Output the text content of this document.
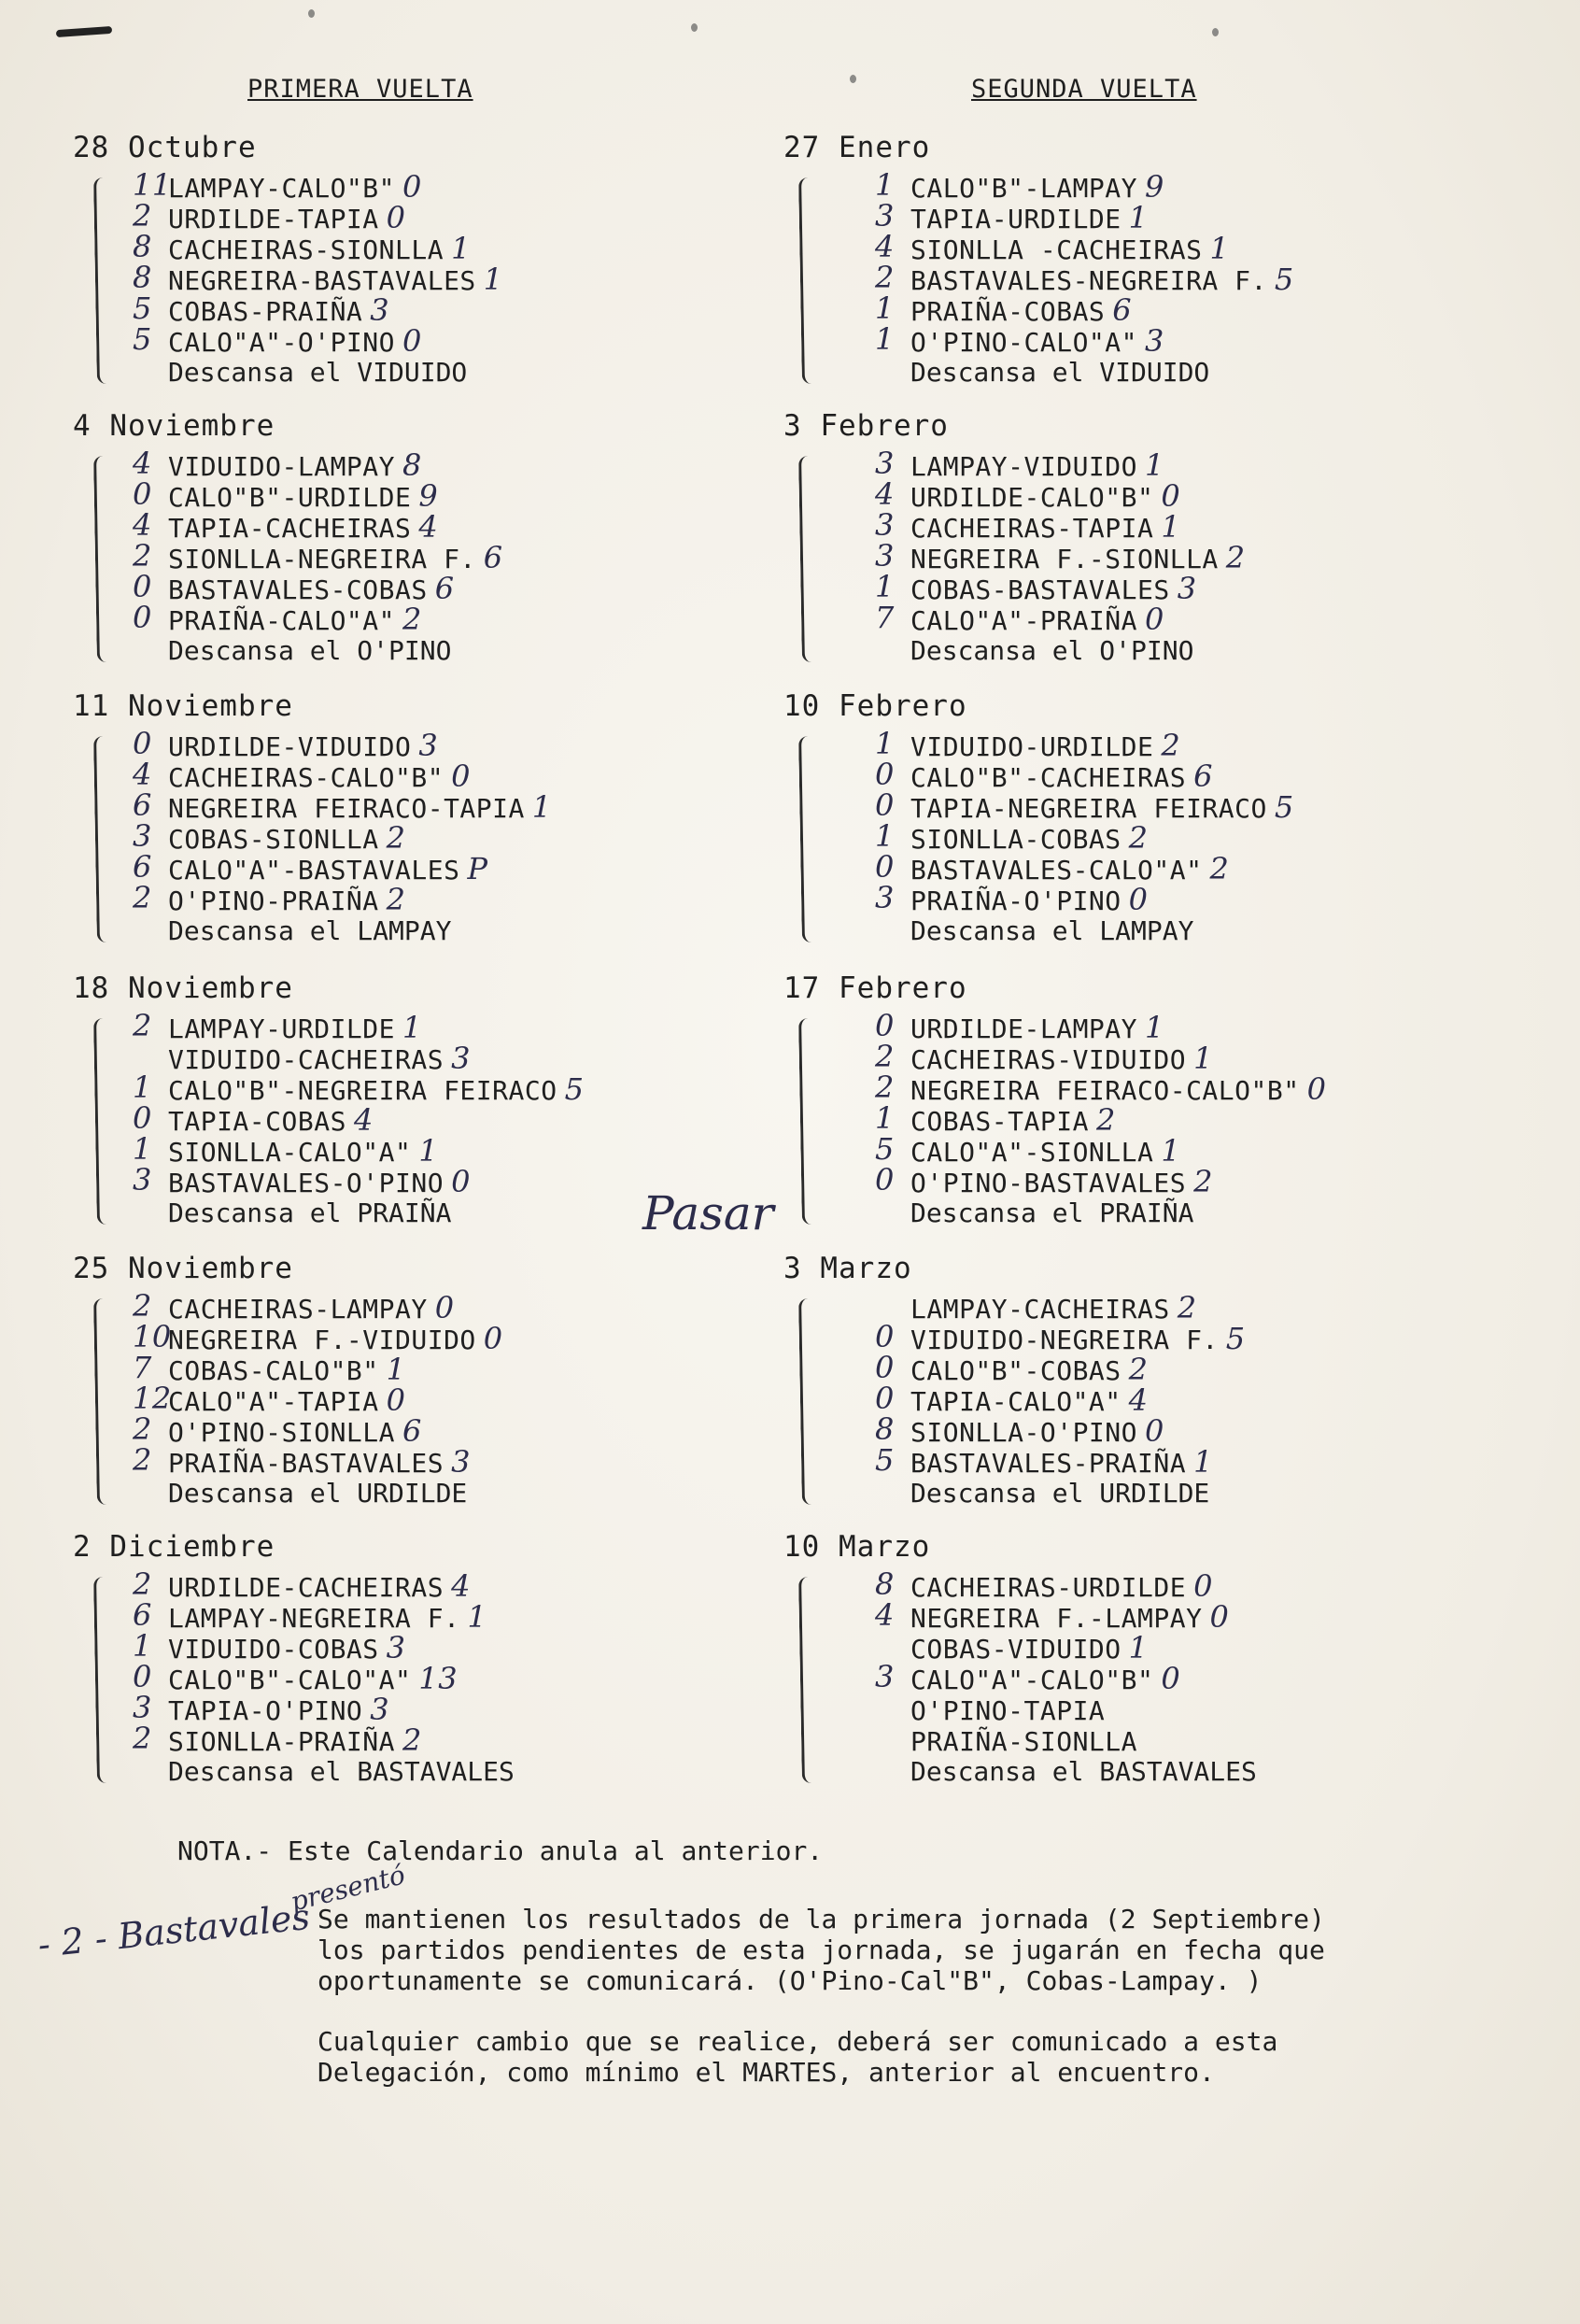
PRIMERA VUELTA
28 Octubre
11
LAMPAY-CALO"B" 0
2 URDILDE-TAPIA 0
8 CACHEIRAS-SIONLLA 1
8 NEGREIRA-BASTAVALES 1
5 COBAS-PRAIÑA 3
5 CALO"A"-O'PINO 0
Descansa el VIDUIDO
4 Noviembre
4 VIDUIDO-LAMPAY 8
0 CALO"B"-URDILDE 9
4 TAPIA-CACHEIRAS 4
2 SIONLLA-NEGREIRA F. 6
0 BASTAVALES-COBAS 6
0 PRAIÑA-CALO"A" 2
Descansa el O'PINO
11 Noviembre
0 URDILDE-VIDUIDO 3
4 CACHEIRAS-CALO"B" 0
6 NEGREIRA FEIRACO-TAPIA 1
3 COBAS-SIONLLA 2
6 CALO"A"-BASTAVALES P
2 O'PINO-PRAIÑA 2
Descansa el LAMPAY
18 Noviembre
2 LAMPAY-URDILDE 1
VIDUIDO-CACHEIRAS 3
1 CALO"B"-NEGREIRA FEIRACO 5
0 TAPIA-COBAS 4
1 SIONLLA-CALO"A" 1
3 BASTAVALES-O'PINO 0
Descansa el PRAIÑA
25 Noviembre
2 CACHEIRAS-LAMPAY 0
10
NEGREIRA F.-VIDUIDO 0
7 COBAS-CALO"B" 1
12
CALO"A"-TAPIA 0
2 O'PINO-SIONLLA 6
2 PRAIÑA-BASTAVALES 3
Descansa el URDILDE
2 Diciembre
2 URDILDE-CACHEIRAS 4
6 LAMPAY-NEGREIRA F. 1
1 VIDUIDO-COBAS 3
0 CALO"B"-CALO"A" 13
3 TAPIA-O'PINO 3
2 SIONLLA-PRAIÑA 2
Descansa el BASTAVALES
SEGUNDA VUELTA
27 Enero
1 CALO"B"-LAMPAY 9
3 TAPIA-URDILDE 1
4 SIONLLA -CACHEIRAS 1
2 BASTAVALES-NEGREIRA F. 5
1 PRAIÑA-COBAS 6
1 O'PINO-CALO"A" 3
Descansa el VIDUIDO
3 Febrero
3 LAMPAY-VIDUIDO 1
4 URDILDE-CALO"B" 0
3 CACHEIRAS-TAPIA 1
3 NEGREIRA F.-SIONLLA 2
1 COBAS-BASTAVALES 3
7 CALO"A"-PRAIÑA 0
Descansa el O'PINO
10 Febrero
1 VIDUIDO-URDILDE 2
0 CALO"B"-CACHEIRAS 6
0 TAPIA-NEGREIRA FEIRACO 5
1 SIONLLA-COBAS 2
0 BASTAVALES-CALO"A" 2
3 PRAIÑA-O'PINO 0
Descansa el LAMPAY
17 Febrero
0 URDILDE-LAMPAY 1
2 CACHEIRAS-VIDUIDO 1
2 NEGREIRA FEIRACO-CALO"B" 0
1 COBAS-TAPIA 2
5 CALO"A"-SIONLLA 1
0 O'PINO-BASTAVALES 2
Descansa el PRAIÑA
3 Marzo
LAMPAY-CACHEIRAS 2
0 VIDUIDO-NEGREIRA F. 5
0 CALO"B"-COBAS 2
0 TAPIA-CALO"A" 4
8 SIONLLA-O'PINO 0
5 BASTAVALES-PRAIÑA 1
Descansa el URDILDE
10 Marzo
8 CACHEIRAS-URDILDE 0
4 NEGREIRA F.-LAMPAY 0
COBAS-VIDUIDO 1
3 CALO"A"-CALO"B" 0
O'PINO-TAPIA
PRAIÑA-SIONLLA
Descansa el BASTAVALES
Pasar
- 2 - Bastavales
presentó

NOTA.- Este Calendario anula al anterior.

Se mantienen los resultados de la primera jornada (2 Septiembre)

los partidos pendientes de esta jornada, se jugarán en fecha que

oportunamente se comunicará. (O'Pino-Cal"B", Cobas-Lampay. )

Cualquier cambio que se realice, deberá ser comunicado a esta

Delegación, como mínimo el MARTES, anterior al encuentro.
